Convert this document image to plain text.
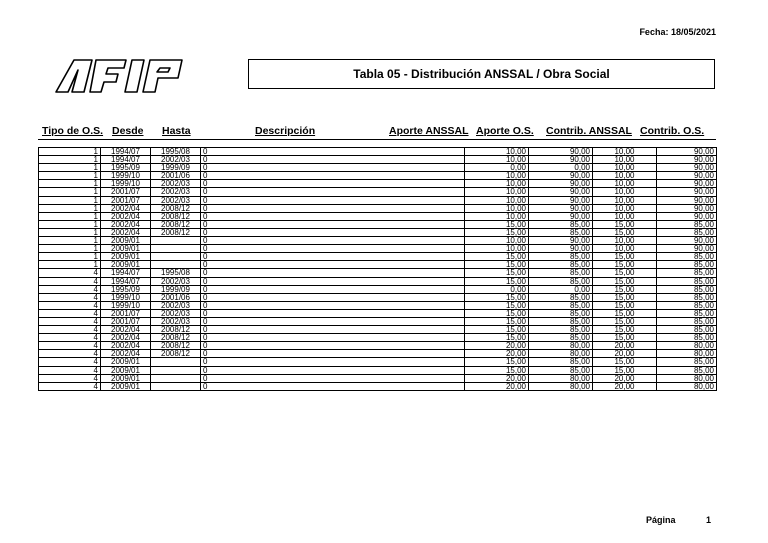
Fecha: 18/05/2021
Tabla 05 - Distribución ANSSAL / Obra Social
Tipo de O.S. Desde Hasta	Descripción	Aporte ANSSAL Aporte O.S. Contrib. ANSSAL Contrib. O.S.
1	1994/07	1995/08	0	10,00	90,00	10,00	90,00
1	1994/07	2002/03	0	10,00	90,00	10,00	90,00
1	1995/09	1999/09	0	0,00	0,00	10,00	90,00
1	1999/10	2001/06	0	10,00	90,00	10,00	90,00
1	1999/10	2002/03	0	10,00	90,00	10,00	90,00
1	2001/07	2002/03	0	10,00	90,00	10,00	90,00
1	2001/07	2002/03	0	10,00	90,00	10,00	90,00
1	2002/04	2008/12	0	10,00	90,00	10,00	90,00
1	2002/04	2008/12	0	10,00	90,00	10,00	90,00
1	2002/04	2008/12	0	15,00	85,00	15,00	85,00
1	2002/04	2008/12	0	15,00	85,00	15,00	85,00
1	2009/01		0	10,00	90,00	10,00	90,00
1	2009/01		0	10,00	90,00	10,00	90,00
1	2009/01		0	15,00	85,00	15,00	85,00
1	2009/01		0	15,00	85,00	15,00	85,00
4	1994/07	1995/08	0	15,00	85,00	15,00	85,00
4	1994/07	2002/03	0	15,00	85,00	15,00	85,00
4	1995/09	1999/09	0	0,00	0,00	15,00	85,00
4	1999/10	2001/06	0	15,00	85,00	15,00	85,00
4	1999/10	2002/03	0	15,00	85,00	15,00	85,00
4	2001/07	2002/03	0	15,00	85,00	15,00	85,00
4	2001/07	2002/03	0	15,00	85,00	15,00	85,00
4	2002/04	2008/12	0	15,00	85,00	15,00	85,00
4	2002/04	2008/12	0	15,00	85,00	15,00	85,00
4	2002/04	2008/12	0	20,00	80,00	20,00	80,00
4	2002/04	2008/12	0	20,00	80,00	20,00	80,00
4	2009/01		0	15,00	85,00	15,00	85,00
4	2009/01		0	15,00	85,00	15,00	85,00
4	2009/01		0	20,00	80,00	20,00	80,00
4	2009/01		0	20,00	80,00	20,00	80,00
Página	1
